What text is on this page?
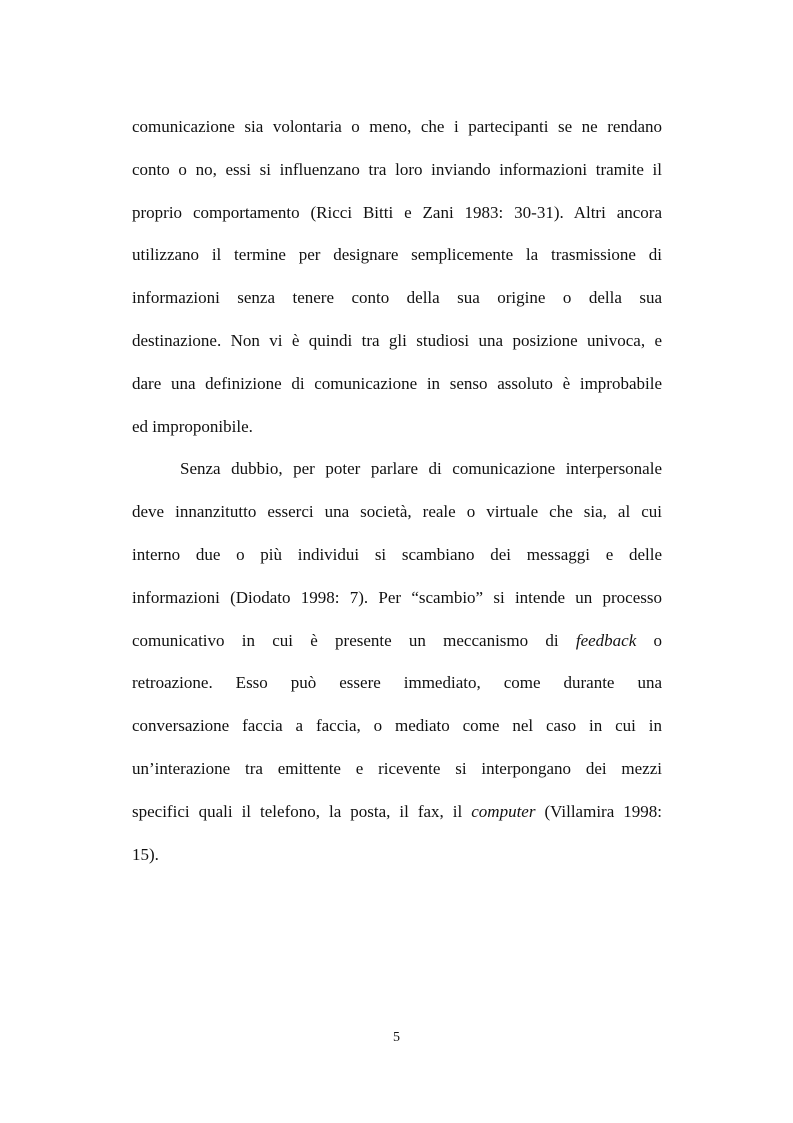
comunicazione sia volontaria o meno, che i partecipanti se ne rendano
conto o no, essi si influenzano tra loro inviando informazioni tramite il
proprio comportamento (Ricci Bitti e Zani 1983: 30-31). Altri ancora
utilizzano il termine per designare semplicemente la trasmissione di
informazioni senza tenere conto della sua origine o della sua
destinazione. Non vi è quindi tra gli studiosi una posizione univoca, e
dare una definizione di comunicazione in senso assoluto è improbabile
ed improponibile.
Senza dubbio, per poter parlare di comunicazione interpersonale
deve innanzitutto esserci una società, reale o virtuale che sia, al cui
interno due o più individui si scambiano dei messaggi e delle
informazioni (Diodato 1998: 7). Per “scambio” si intende un processo
comunicativo in cui è presente un meccanismo di feedback o
retroazione. Esso può essere immediato, come durante una
conversazione faccia a faccia, o mediato come nel caso in cui in
un’interazione tra emittente e ricevente si interpongano dei mezzi
specifici quali il telefono, la posta, il fax, il computer (Villamira 1998:
15).
5
